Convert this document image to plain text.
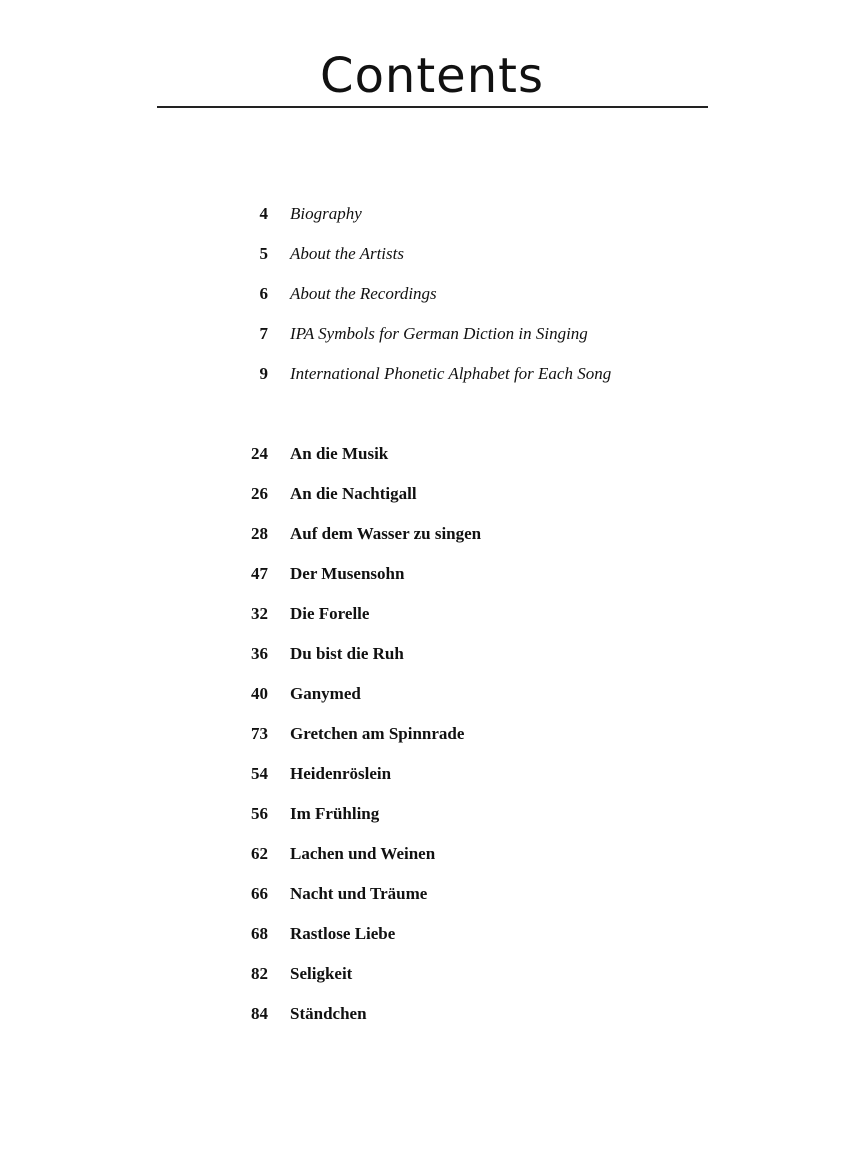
Contents
4 Biography
5 About the Artists
6 About the Recordings
7 IPA Symbols for German Diction in Singing
9 International Phonetic Alphabet for Each Song
24 An die Musik
26 An die Nachtigall
28 Auf dem Wasser zu singen
47 Der Musensohn
32 Die Forelle
36 Du bist die Ruh
40 Ganymed
73 Gretchen am Spinnrade
54 Heidenröslein
56 Im Frühling
62 Lachen und Weinen
66 Nacht und Träume
68 Rastlose Liebe
82 Seligkeit
84 Ständchen
